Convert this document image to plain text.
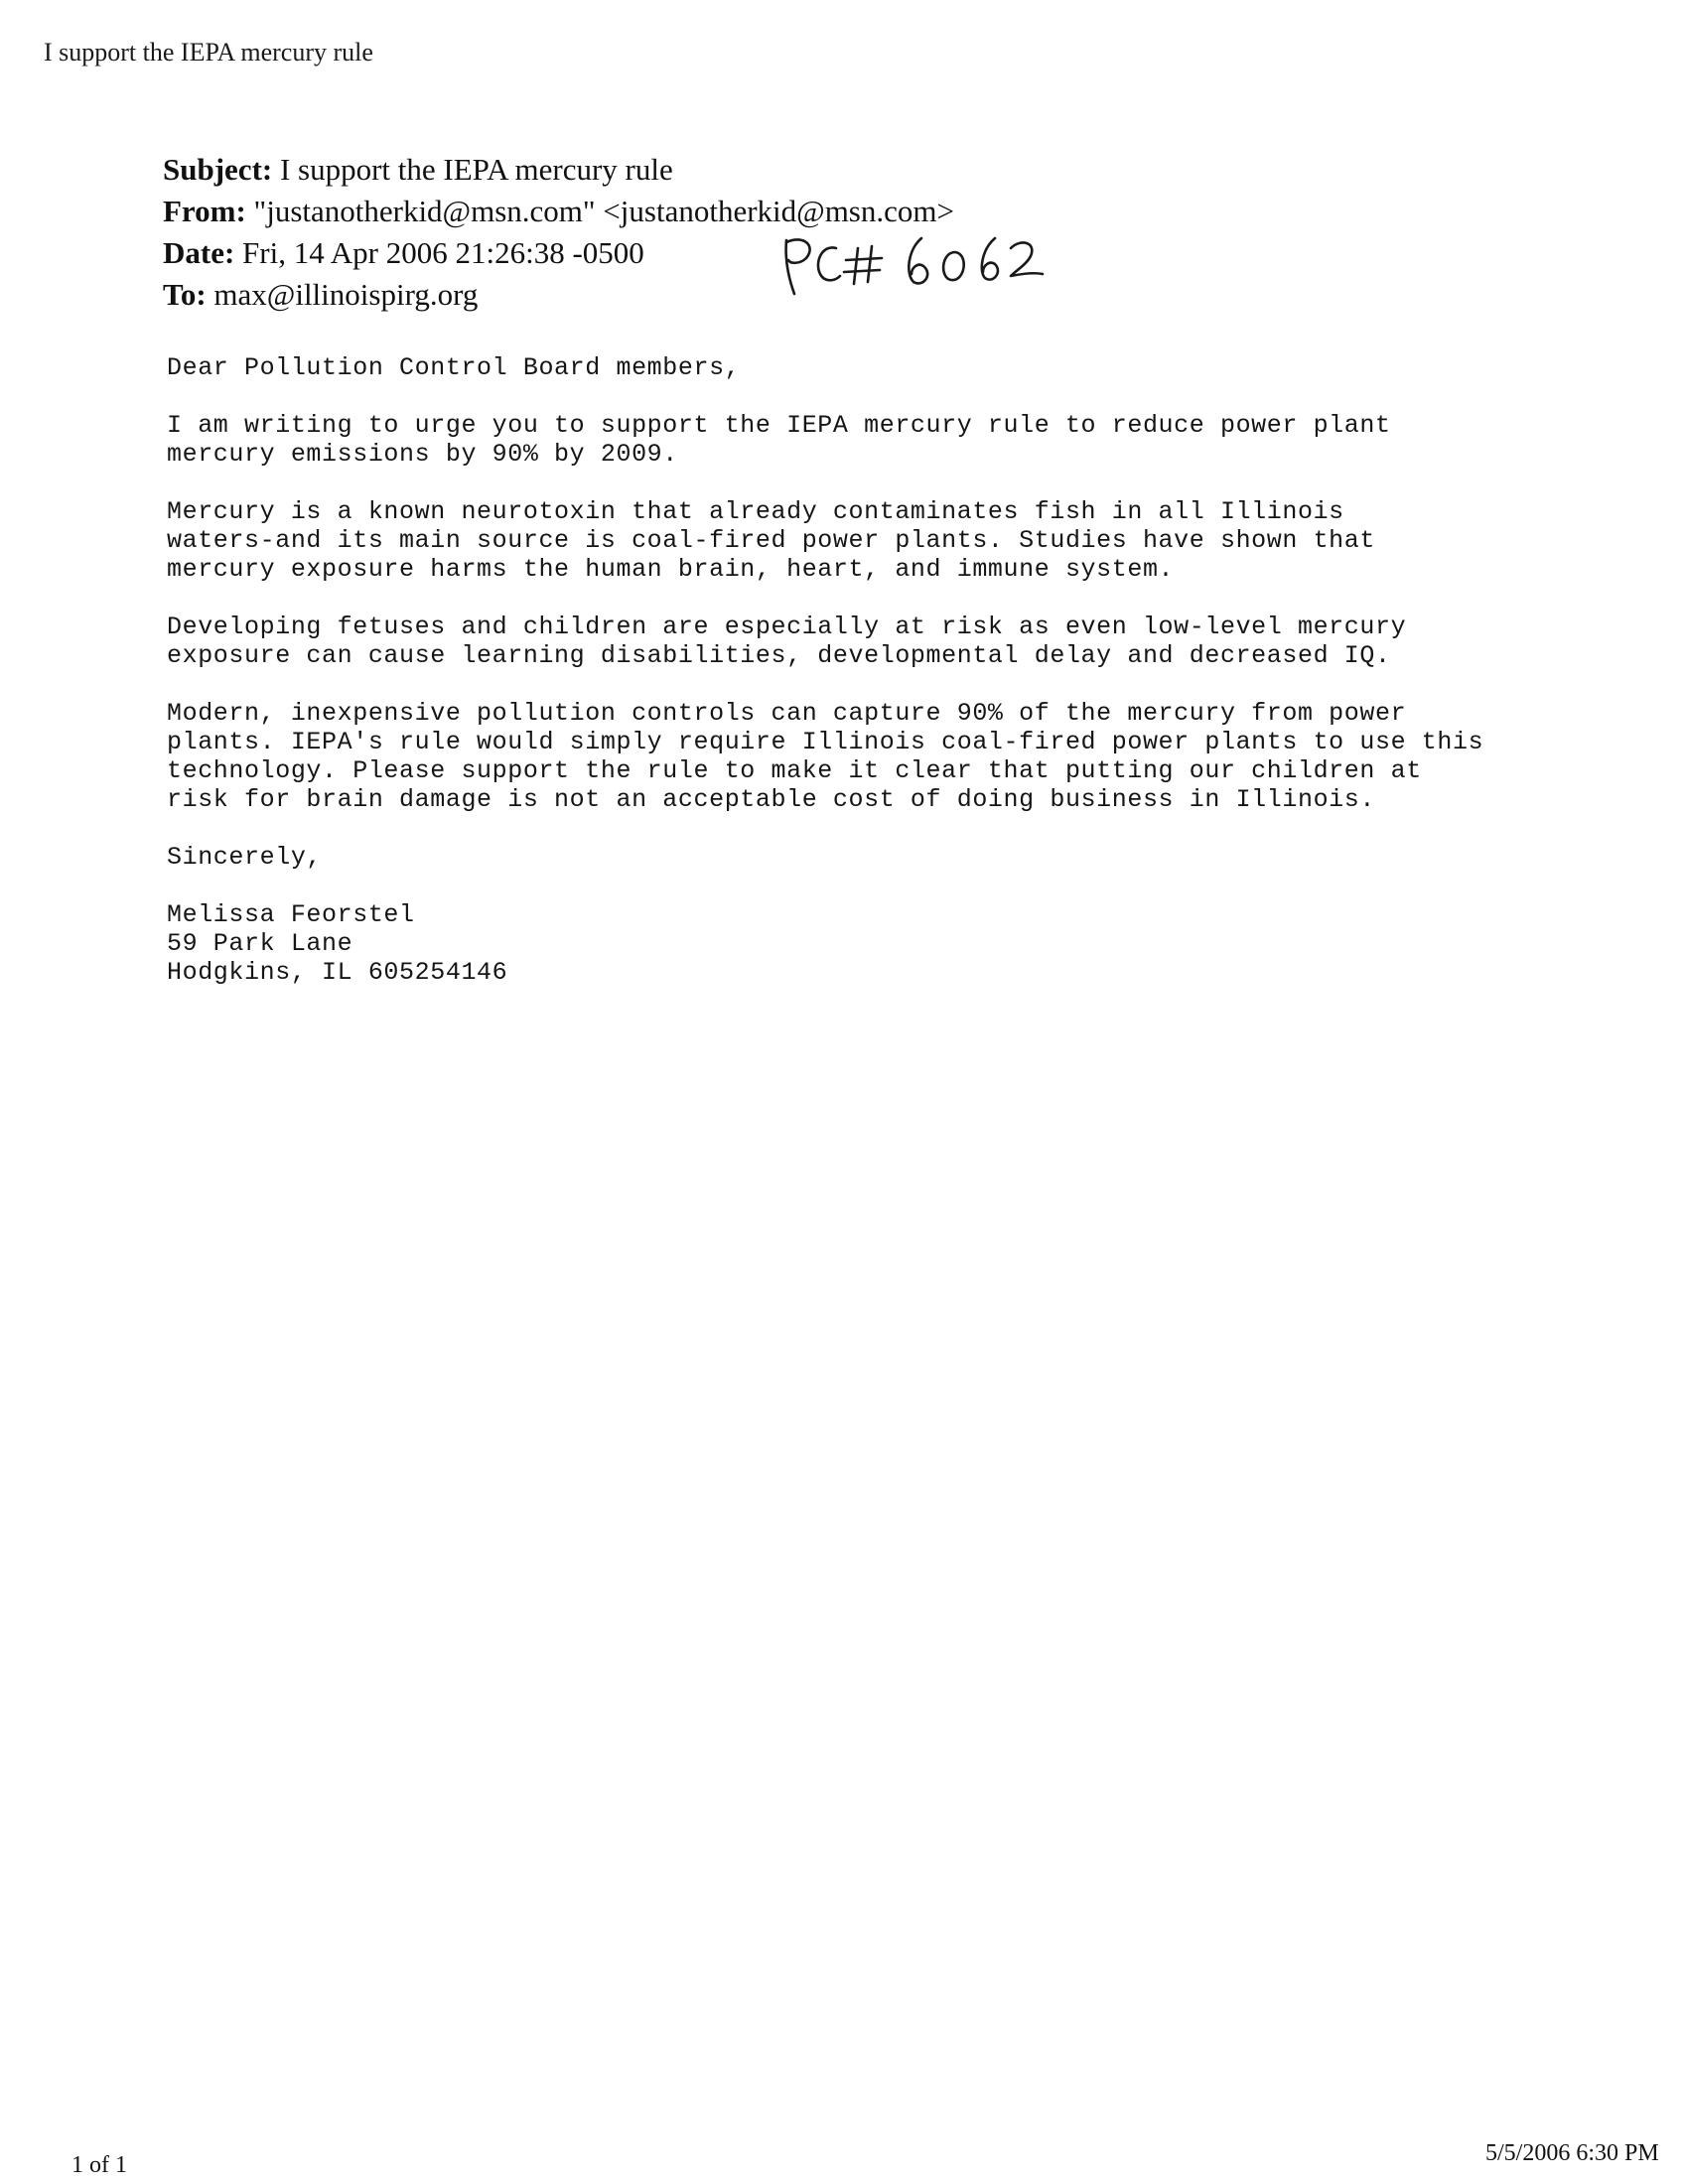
I support the IEPA mercury rule
Subject: I support the IEPA mercury rule
From: "justanotherkid@msn.com" <justanotherkid@msn.com>
Date: Fri, 14 Apr 2006 21:26:38 -0500
To: max@illinoispirg.org

Dear Pollution Control Board members,

I am writing to urge you to support the IEPA mercury rule to reduce power plant
mercury emissions by 90% by 2009.

Mercury is a known neurotoxin that already contaminates fish in all Illinois
waters-and its main source is coal-fired power plants. Studies have shown that
mercury exposure harms the human brain, heart, and immune system.

Developing fetuses and children are especially at risk as even low-level mercury
exposure can cause learning disabilities, developmental delay and decreased IQ.

Modern, inexpensive pollution controls can capture 90% of the mercury from power
plants. IEPA's rule would simply require Illinois coal-fired power plants to use this
technology. Please support the rule to make it clear that putting our children at
risk for brain damage is not an acceptable cost of doing business in Illinois.

Sincerely,

Melissa Feorstel
59 Park Lane
Hodgkins, IL 605254146
1 of 1	5/5/2006 6:30 PM
